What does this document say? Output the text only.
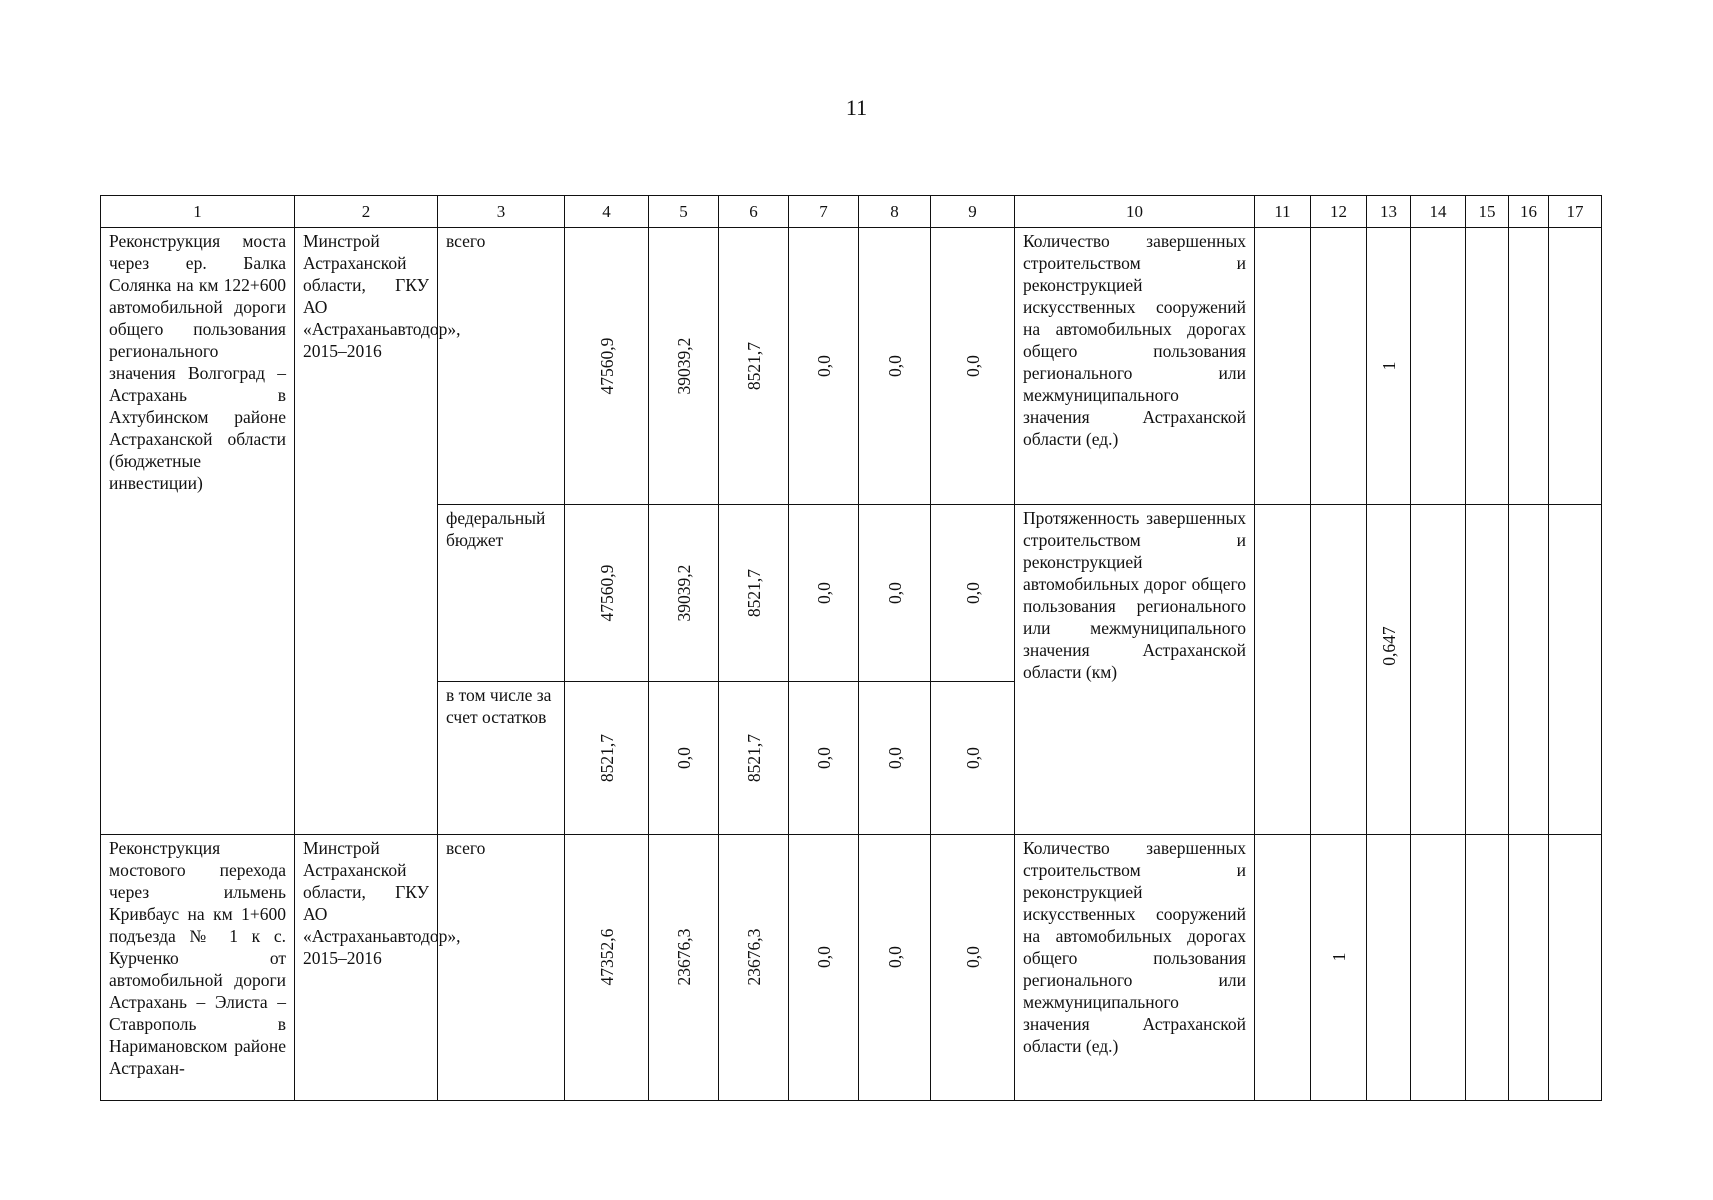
11
1	2	3	4	5	6	7	8	9	10	11	12	13	14	15	16	17

Реконструкция моста через ер. Балка Солянка на км 122+600 автомобильной дороги общего пользования регионального значения Волгоград – Астрахань в Ахтубинском районе Астраханской области (бюджетные инвестиции)	Минстрой Астраханской области, ГКУ АО «Астраханьавтодор», 2015–2016	всего	47560,9	39039,2	8521,7	0,0	0,0	0,0	Количество завершенных строительством и реконструкцией искусственных сооружений на автомобильных дорогах общего пользования регионального или межмуниципального значения Астраханской области (ед.)			1				

		федеральный бюджет	47560,9	39039,2	8521,7	0,0	0,0	0,0	Протяженность завершенных строительством и реконструкцией автомобильных дорог общего пользования регионального или межмуниципального значения Астраханской области (км)			0,647				

		в том числе за счет остатков	8521,7	0,0	8521,7	0,0	0,0	0,0								

Реконструкция мостового перехода через ильмень Кривбаус на км 1+600 подъезда № 1 к с. Курченко от автомобильной дороги Астрахань – Элиста – Ставрополь в Наримановском районе Астрахан-	Минстрой Астраханской области, ГКУ АО «Астраханьавтодор», 2015–2016	всего	47352,6	23676,3	23676,3	0,0	0,0	0,0	Количество завершенных строительством и реконструкцией искусственных сооружений на автомобильных дорогах общего пользования регионального или межмуниципального значения Астраханской области (ед.)		1					
